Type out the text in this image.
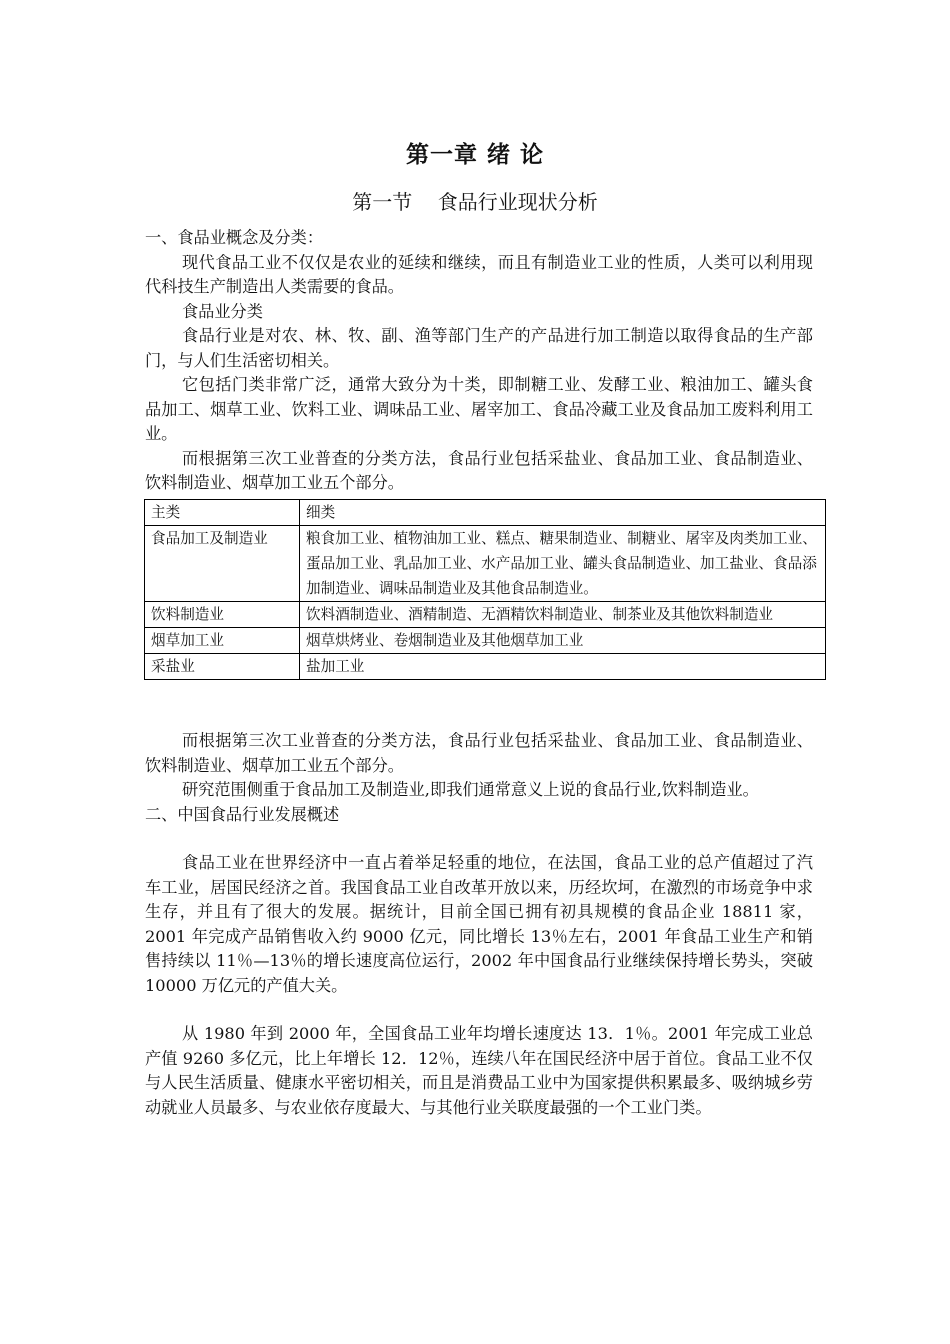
第一章 绪 论
第一节    食品行业现状分析

一、食品业概念及分类：

现代食品工业不仅仅是农业的延续和继续，而且有制造业工业的性质，人类可以利用现代科技生产制造出人类需要的食品。

食品业分类

食品行业是对农、林、牧、副、渔等部门生产的产品进行加工制造以取得食品的生产部门，与人们生活密切相关。

它包括门类非常广泛，通常大致分为十类，即制糖工业、发酵工业、粮油加工、罐头食品加工、烟草工业、饮料工业、调味品工业、屠宰加工、食品冷藏工业及食品加工废料利用工业。

而根据第三次工业普查的分类方法，食品行业包括采盐业、食品加工业、食品制造业、饮料制造业、烟草加工业五个部分。

主类	细类
食品加工及制造业	粮食加工业、植物油加工业、糕点、糖果制造业、制糖业、屠宰及肉类加工业、蛋品加工业、乳品加工业、水产品加工业、罐头食品制造业、加工盐业、食品添加制造业、调味品制造业及其他食品制造业。
饮料制造业	饮料酒制造业、酒精制造、无酒精饮料制造业、制茶业及其他饮料制造业
烟草加工业	烟草烘烤业、卷烟制造业及其他烟草加工业
采盐业	盐加工业

而根据第三次工业普查的分类方法，食品行业包括采盐业、食品加工业、食品制造业、饮料制造业、烟草加工业五个部分。

研究范围侧重于食品加工及制造业,即我们通常意义上说的食品行业,饮料制造业。

二、中国食品行业发展概述

食品工业在世界经济中一直占着举足轻重的地位，在法国，食品工业的总产值超过了汽车工业，居国民经济之首。我国食品工业自改革开放以来，历经坎坷，在激烈的市场竞争中求生存，并且有了很大的发展。据统计，目前全国已拥有初具规模的食品企业 18811 家，2001 年完成产品销售收入约 9000 亿元，同比增长 13％左右，2001 年食品工业生产和销售持续以 11％—13％的增长速度高位运行，2002 年中国食品行业继续保持增长势头，突破 10000 万亿元的产值大关。

从 1980 年到 2000 年，全国食品工业年均增长速度达 13．1％。2001 年完成工业总产值 9260 多亿元，比上年增长 12．12％，连续八年在国民经济中居于首位。食品工业不仅与人民生活质量、健康水平密切相关，而且是消费品工业中为国家提供积累最多、吸纳城乡劳动就业人员最多、与农业依存度最大、与其他行业关联度最强的一个工业门类。
